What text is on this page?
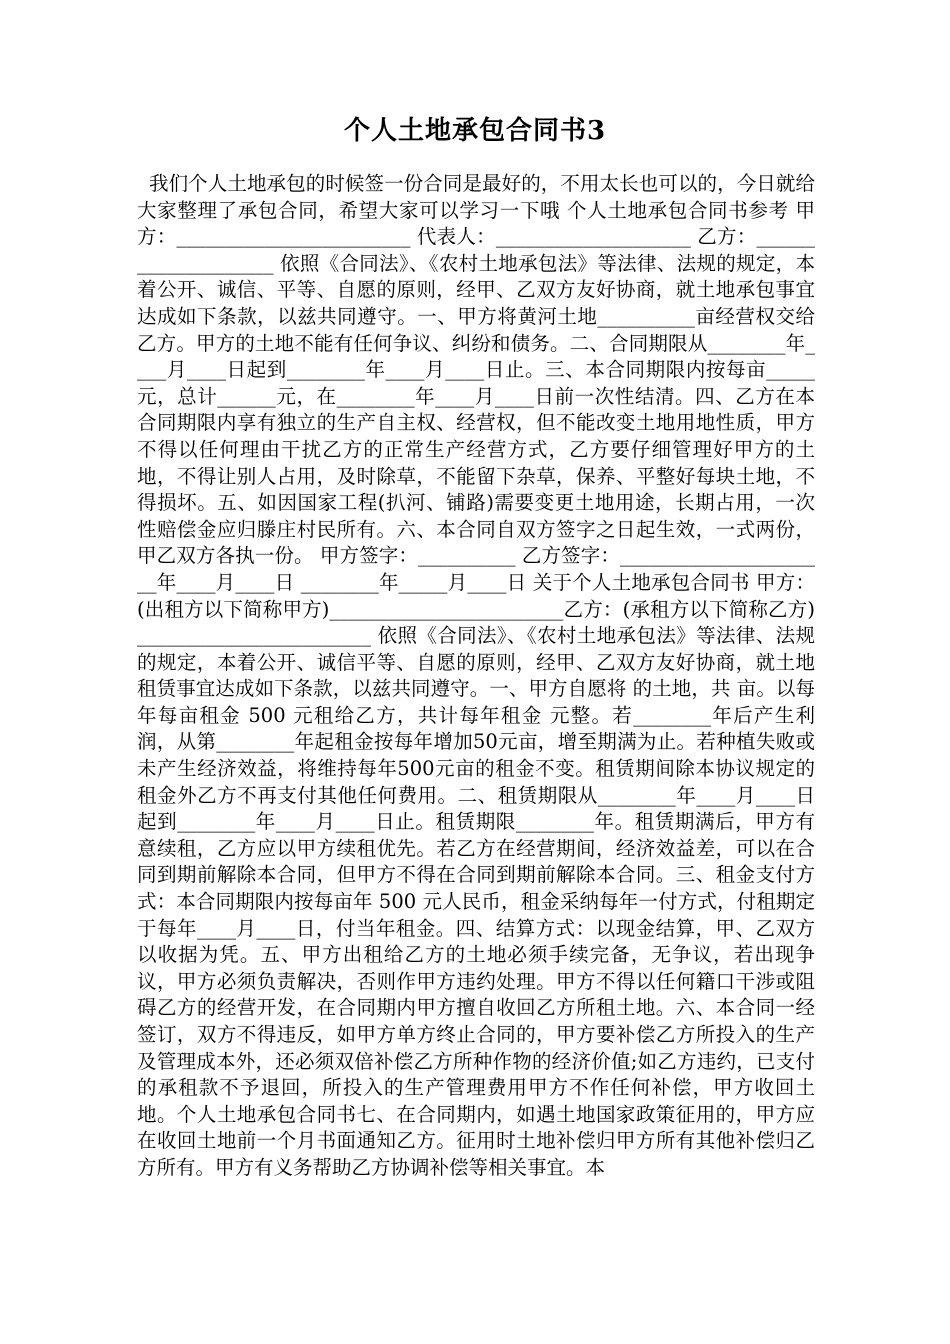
个人土地承包合同书3

我们个人土地承包的时候签一份合同是最好的，不用太长也可以的，今日就给大家整理了承包合同，希望大家可以学习一下哦 个人土地承包合同书参考 甲方：________________________ 代表人：____________________ 乙方：____________________ 依照《合同法》、《农村土地承包法》等法律、法规的规定，本着公开、诚信、平等、自愿的原则，经甲、乙双方友好协商，就土地承包事宜达成如下条款，以兹共同遵守。一、甲方将黄河土地__________亩经营权交给乙方。甲方的土地不能有任何争议、纠纷和债务。二、合同期限从________年____月____日起到________年____月____日止。三、本合同期限内按每亩_____元，总计______元，在________年____月____日前一次性结清。四、乙方在本合同期限内享有独立的生产自主权、经营权，但不能改变土地用地性质，甲方不得以任何理由干扰乙方的正常生产经营方式，乙方要仔细管理好甲方的土地，不得让别人占用，及时除草，不能留下杂草，保养、平整好每块土地，不得损坏。五、如因国家工程(扒河、铺路)需要变更土地用途，长期占用，一次性赔偿金应归滕庄村民所有。六、本合同自双方签字之日起生效，一式两份，甲乙双方各执一份。 甲方签字：__________ 乙方签字：______________________年____月____日 ________年_____月____日 关于个人土地承包合同书 甲方：(出租方以下简称甲方)________________________乙方：(承租方以下简称乙方)________________________ 依照《合同法》、《农村土地承包法》等法律、法规的规定，本着公开、诚信平等、自愿的原则，经甲、乙双方友好协商，就土地租赁事宜达成如下条款，以兹共同遵守。一、甲方自愿将 的土地，共 亩。以每年每亩租金 500 元租给乙方，共计每年租金 元整。若________年后产生利润，从第________年起租金按每年增加50元亩，增至期满为止。若种植失败或未产生经济效益，将维持每年500元亩的租金不变。租赁期间除本协议规定的租金外乙方不再支付其他任何费用。二、租赁期限从________年____月____日起到________年____月____日止。租赁期限________年。租赁期满后，甲方有意续租，乙方应以甲方续租优先。若乙方在经营期间，经济效益差，可以在合同到期前解除本合同，但甲方不得在合同到期前解除本合同。三、租金支付方式：本合同期限内按每亩年 500 元人民币，租金采纳每年一付方式，付租期定于每年____月____日，付当年租金。四、结算方式：以现金结算，甲、乙双方以收据为凭。五、甲方出租给乙方的土地必须手续完备，无争议，若出现争议，甲方必须负责解决，否则作甲方违约处理。甲方不得以任何籍口干涉或阻碍乙方的经营开发，在合同期内甲方擅自收回乙方所租土地。六、本合同一经签订，双方不得违反，如甲方单方终止合同的，甲方要补偿乙方所投入的生产及管理成本外，还必须双倍补偿乙方所种作物的经济价值;如乙方违约，已支付的承租款不予退回，所投入的生产管理费用甲方不作任何补偿，甲方收回土地。个人土地承包合同书七、在合同期内，如遇土地国家政策征用的，甲方应在收回土地前一个月书面通知乙方。征用时土地补偿归甲方所有其他补偿归乙方所有。甲方有义务帮助乙方协调补偿等相关事宜。本
